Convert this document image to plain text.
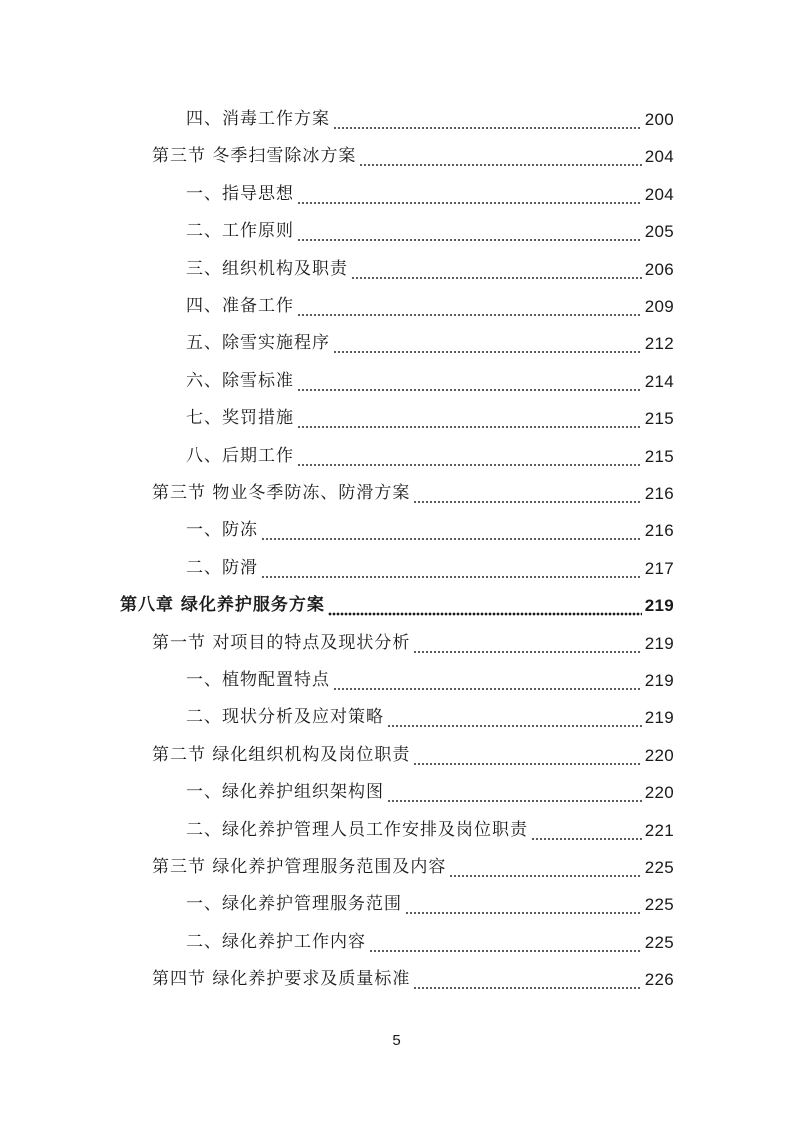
四、消毒工作方案	200
第三节 冬季扫雪除冰方案	204
一、指导思想	204
二、工作原则	205
三、组织机构及职责	206
四、准备工作	209
五、除雪实施程序	212
六、除雪标准	214
七、奖罚措施	215
八、后期工作	215
第三节 物业冬季防冻、防滑方案	216
一、防冻	216
二、防滑	217
第八章 绿化养护服务方案	219
第一节 对项目的特点及现状分析	219
一、植物配置特点	219
二、现状分析及应对策略	219
第二节 绿化组织机构及岗位职责	220
一、绿化养护组织架构图	220
二、绿化养护管理人员工作安排及岗位职责	221
第三节 绿化养护管理服务范围及内容	225
一、绿化养护管理服务范围	225
二、绿化养护工作内容	225
第四节 绿化养护要求及质量标准	226
5
